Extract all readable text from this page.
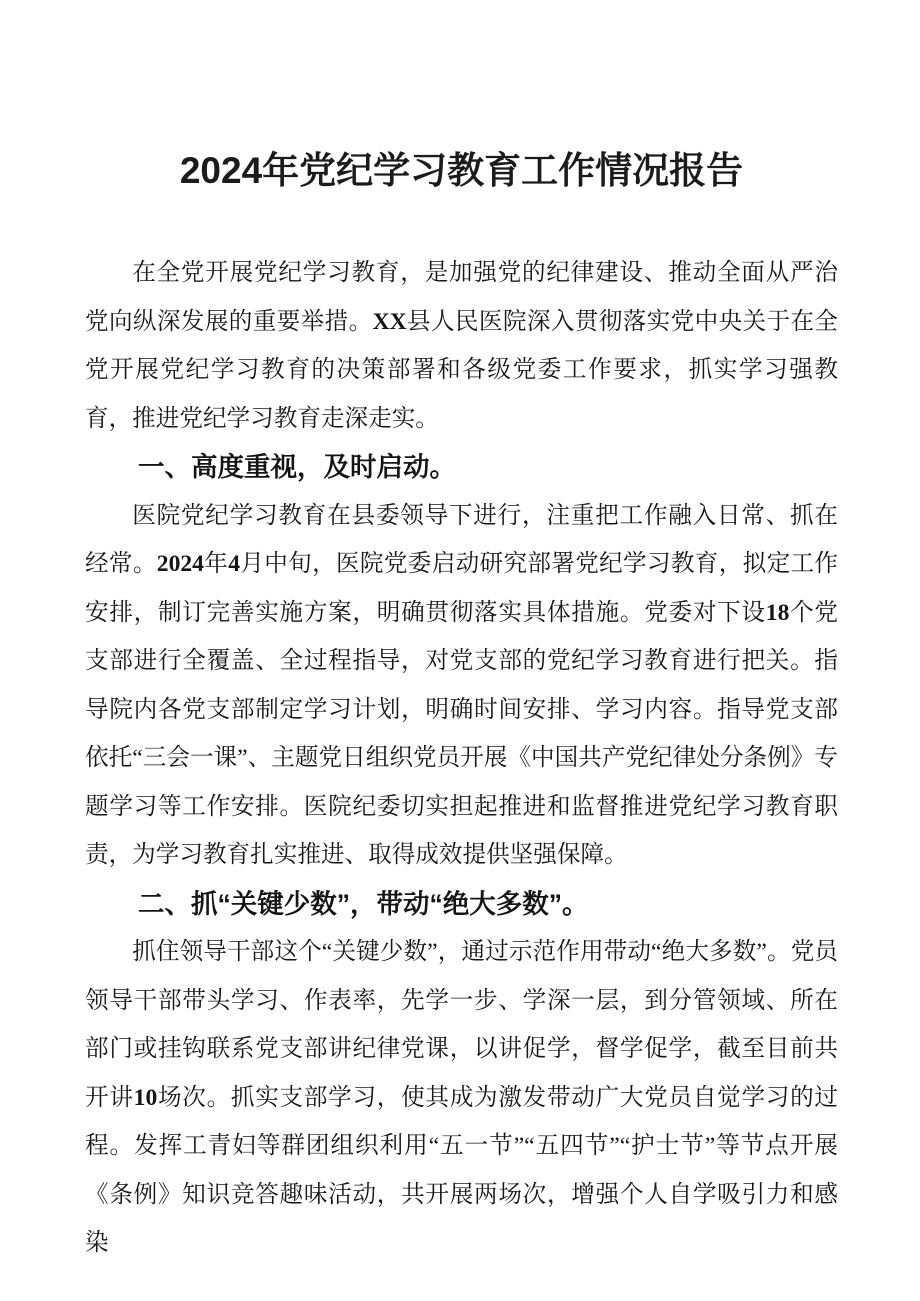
2024年党纪学习教育工作情况报告

在全党开展党纪学习教育，是加强党的纪律建设、推动全面从严治党向纵深发展的重要举措。XX县人民医院深入贯彻落实党中央关于在全党开展党纪学习教育的决策部署和各级党委工作要求，抓实学习强教育，推进党纪学习教育走深走实。

一、高度重视，及时启动。

医院党纪学习教育在县委领导下进行，注重把工作融入日常、抓在经常。2024年4月中旬，医院党委启动研究部署党纪学习教育，拟定工作安排，制订完善实施方案，明确贯彻落实具体措施。党委对下设18个党支部进行全覆盖、全过程指导，对党支部的党纪学习教育进行把关。指导院内各党支部制定学习计划，明确时间安排、学习内容。指导党支部依托“三会一课”、主题党日组织党员开展《中国共产党纪律处分条例》专题学习等工作安排。医院纪委切实担起推进和监督推进党纪学习教育职责，为学习教育扎实推进、取得成效提供坚强保障。

二、抓“关键少数”，带动“绝大多数”。

抓住领导干部这个“关键少数”，通过示范作用带动“绝大多数”。党员领导干部带头学习、作表率，先学一步、学深一层，到分管领域、所在部门或挂钩联系党支部讲纪律党课，以讲促学，督学促学，截至目前共开讲10场次。抓实支部学习，使其成为激发带动广大党员自觉学习的过程。发挥工青妇等群团组织利用“五一节”“五四节”“护士节”等节点开展《条例》知识竞答趣味活动，共开展两场次，增强个人自学吸引力和感染
